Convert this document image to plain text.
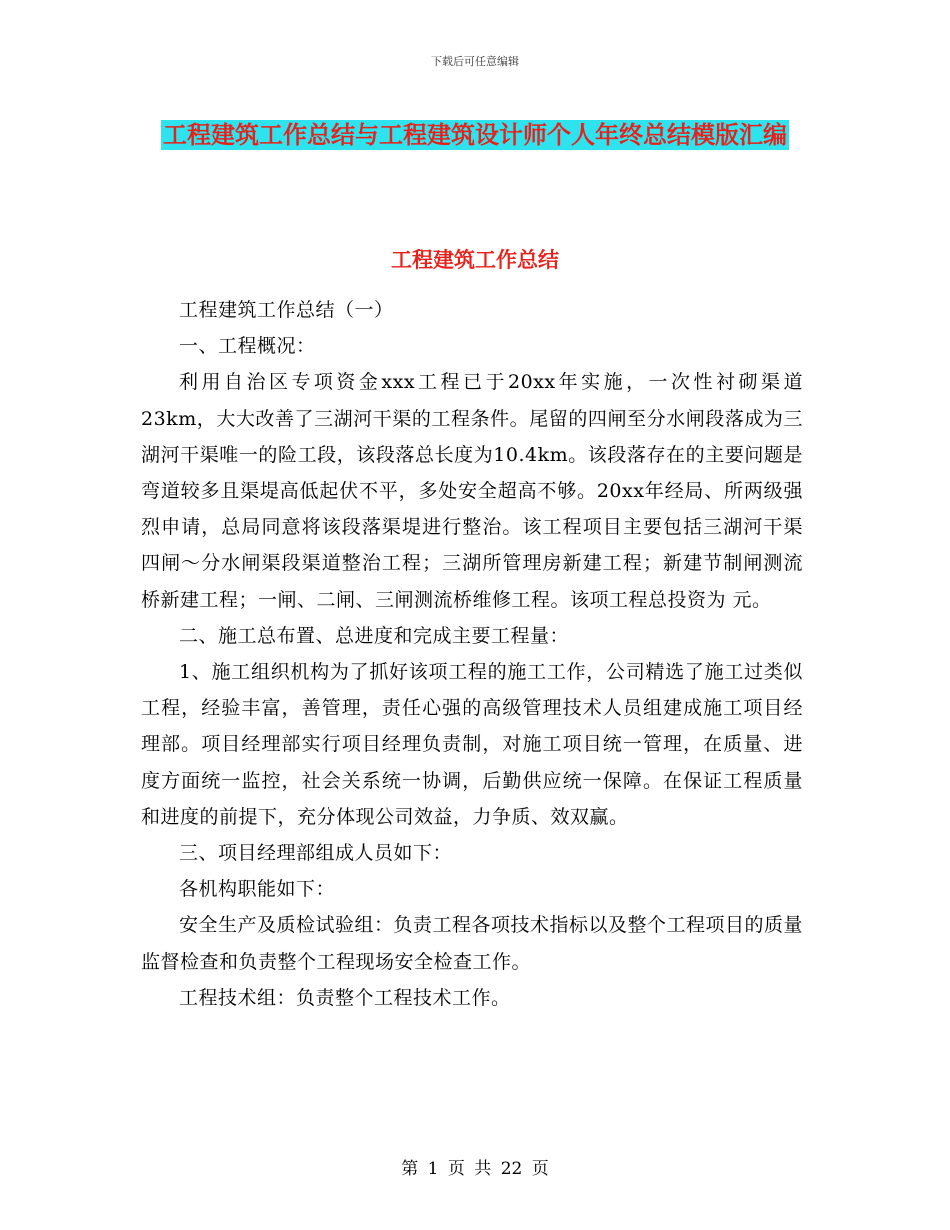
下载后可任意编辑
工程建筑工作总结与工程建筑设计师个人年终总结模版汇编
工程建筑工作总结

工程建筑工作总结（一）

一、工程概况：

利用自治区专项资金xxx工程已于20xx年实施，一次性衬砌渠道23km，大大改善了三湖河干渠的工程条件。尾留的四闸至分水闸段落成为三湖河干渠唯一的险工段，该段落总长度为10.4km。该段落存在的主要问题是弯道较多且渠堤高低起伏不平，多处安全超高不够。20xx年经局、所两级强烈申请，总局同意将该段落渠堤进行整治。该工程项目主要包括三湖河干渠四闸～分水闸渠段渠道整治工程；三湖所管理房新建工程；新建节制闸测流桥新建工程；一闸、二闸、三闸测流桥维修工程。该项工程总投资为 元。

二、施工总布置、总进度和完成主要工程量：

1、施工组织机构为了抓好该项工程的施工工作，公司精选了施工过类似工程，经验丰富，善管理，责任心强的高级管理技术人员组建成施工项目经理部。项目经理部实行项目经理负责制，对施工项目统一管理，在质量、进度方面统一监控，社会关系统一协调，后勤供应统一保障。在保证工程质量和进度的前提下，充分体现公司效益，力争质、效双赢。

三、项目经理部组成人员如下：

各机构职能如下：

安全生产及质检试验组：负责工程各项技术指标以及整个工程项目的质量监督检查和负责整个工程现场安全检查工作。

工程技术组：负责整个工程技术工作。

第 1 页 共 22 页
